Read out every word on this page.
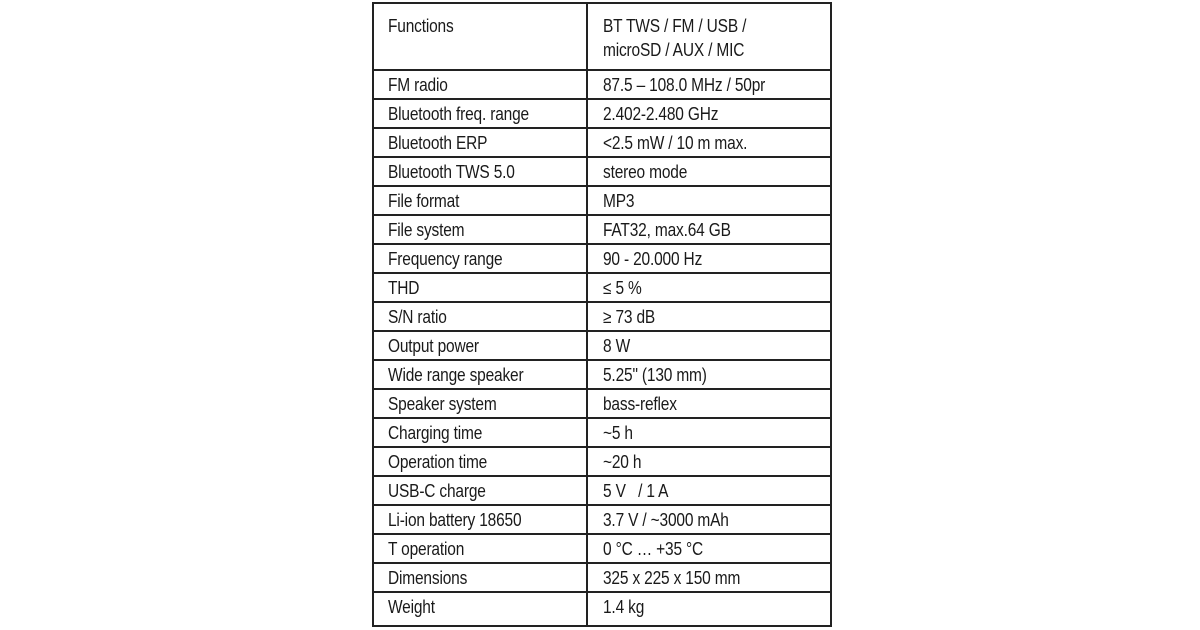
Functions	BT TWS / FM / USB / microSD / AUX / MIC
FM radio	87.5 – 108.0 MHz / 50pr
Bluetooth freq. range	2.402-2.480 GHz
Bluetooth ERP	<2.5 mW / 10 m max.
Bluetooth TWS 5.0	stereo mode
File format	MP3
File system	FAT32, max.64 GB
Frequency range	90 - 20.000 Hz
THD	≤ 5 %
S/N ratio	≥ 73 dB
Output power	8 W
Wide range speaker	5.25" (130 mm)
Speaker system	bass-reflex
Charging time	~5 h
Operation time	~20 h
USB-C charge	5 V   / 1 A
Li-ion battery 18650	3.7 V / ~3000 mAh
T operation	0 °C … +35 °C
Dimensions	325 x 225 x 150 mm
Weight	1.4 kg
